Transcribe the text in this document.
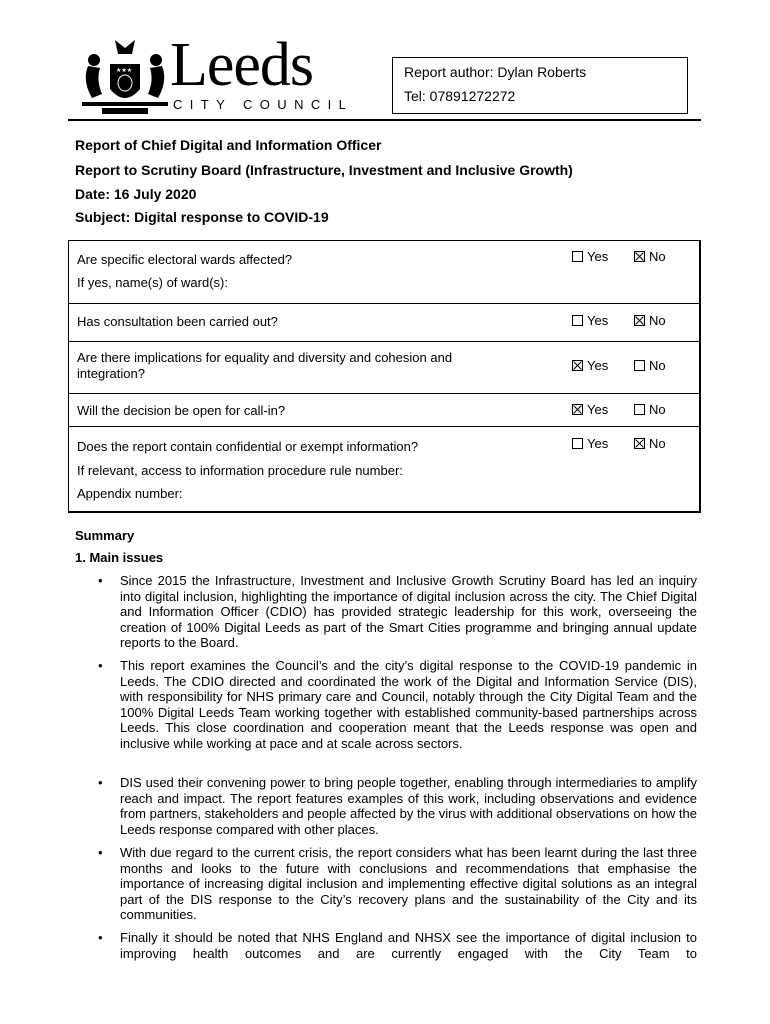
★★★ Leeds
CITY COUNCIL
Report author: Dylan Roberts
Tel: 07891272272
Report of Chief Digital and Information Officer
Report to Scrutiny Board (Infrastructure, Investment and Inclusive Growth)
Date: 16 July 2020
Subject: Digital response to COVID-19
Are specific electoral wards affected?
If yes, name(s) of ward(s):
Yes	No
Has consultation been carried out?	Yes	No
Are there implications for equality and diversity and cohesion and integration?
Yes	No
Will the decision be open for call-in?	Yes	No
Does the report contain confidential or exempt information?
If relevant, access to information procedure rule number:
Appendix number:
Yes	No
Summary
1. Main issues
• Since 2015 the Infrastructure, Investment and Inclusive Growth Scrutiny Board has led an inquiry into digital inclusion, highlighting the importance of digital inclusion across the city. The Chief Digital and Information Officer (CDIO) has provided strategic leadership for this work, overseeing the creation of 100% Digital Leeds as part of the Smart Cities programme and bringing annual update reports to the Board.
• This report examines the Council’s and the city’s digital response to the COVID-19 pandemic in Leeds. The CDIO directed and coordinated the work of the Digital and Information Service (DIS), with responsibility for NHS primary care and Council, notably through the City Digital Team and the 100% Digital Leeds Team working together with established community-based partnerships across Leeds. This close coordination and cooperation meant that the Leeds response was open and inclusive while working at pace and at scale across sectors.
• DIS used their convening power to bring people together, enabling through intermediaries to amplify reach and impact. The report features examples of this work, including observations and evidence from partners, stakeholders and people affected by the virus with additional observations on how the Leeds response compared with other places.
• With due regard to the current crisis, the report considers what has been learnt during the last three months and looks to the future with conclusions and recommendations that emphasise the importance of increasing digital inclusion and implementing effective digital solutions as an integral part of the DIS response to the City’s recovery plans and the sustainability of the City and its communities.
• Finally it should be noted that NHS England and NHSX see the importance of digital inclusion to improving health outcomes and are currently engaged with the City Team to
